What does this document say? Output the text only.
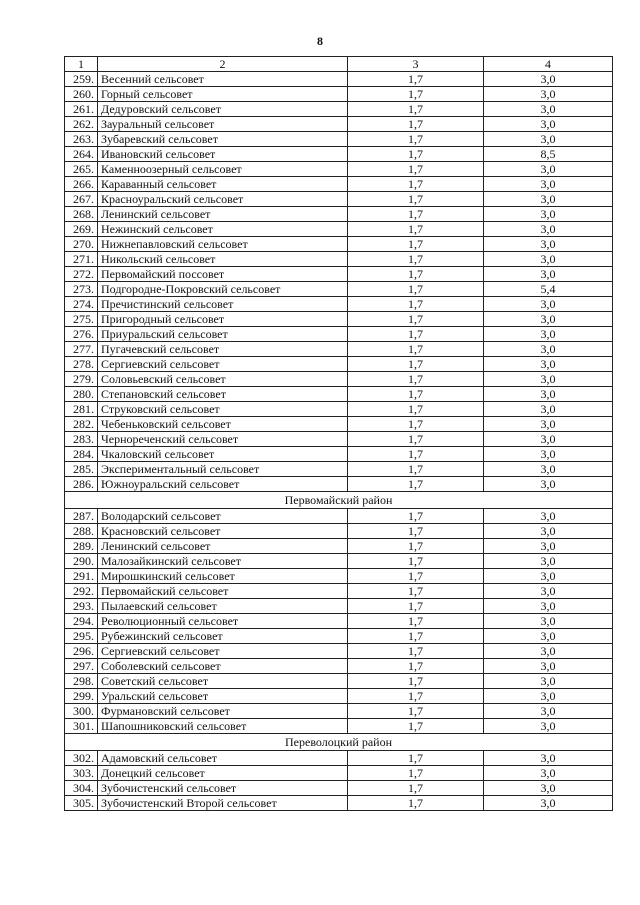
8
1	2	3	4
259.	Весенний сельсовет	1,7	3,0
260.	Горный сельсовет	1,7	3,0
261.	Дедуровский сельсовет	1,7	3,0
262.	Зауральный сельсовет	1,7	3,0
263.	Зубаревский сельсовет	1,7	3,0
264.	Ивановский сельсовет	1,7	8,5
265.	Каменноозерный сельсовет	1,7	3,0
266.	Караванный сельсовет	1,7	3,0
267.	Красноуральский сельсовет	1,7	3,0
268.	Ленинский сельсовет	1,7	3,0
269.	Нежинский сельсовет	1,7	3,0
270.	Нижнепавловский сельсовет	1,7	3,0
271.	Никольский сельсовет	1,7	3,0
272.	Первомайский поссовет	1,7	3,0
273.	Подгородне-Покровский сельсовет	1,7	5,4
274.	Пречистинский сельсовет	1,7	3,0
275.	Пригородный сельсовет	1,7	3,0
276.	Приуральский сельсовет	1,7	3,0
277.	Пугачевский сельсовет	1,7	3,0
278.	Сергиевский сельсовет	1,7	3,0
279.	Соловьевский сельсовет	1,7	3,0
280.	Степановский сельсовет	1,7	3,0
281.	Струковский сельсовет	1,7	3,0
282.	Чебеньковский сельсовет	1,7	3,0
283.	Чернореченский сельсовет	1,7	3,0
284.	Чкаловский сельсовет	1,7	3,0
285.	Экспериментальный сельсовет	1,7	3,0
286.	Южноуральский сельсовет	1,7	3,0
Первомайский район			
287.	Володарский сельсовет	1,7	3,0
288.	Красновский сельсовет	1,7	3,0
289.	Ленинский сельсовет	1,7	3,0
290.	Малозайкинский сельсовет	1,7	3,0
291.	Мирошкинский сельсовет	1,7	3,0
292.	Первомайский сельсовет	1,7	3,0
293.	Пылаевский сельсовет	1,7	3,0
294.	Революционный сельсовет	1,7	3,0
295.	Рубежинский сельсовет	1,7	3,0
296.	Сергиевский сельсовет	1,7	3,0
297.	Соболевский сельсовет	1,7	3,0
298.	Советский сельсовет	1,7	3,0
299.	Уральский сельсовет	1,7	3,0
300.	Фурмановский сельсовет	1,7	3,0
301.	Шапошниковский сельсовет	1,7	3,0
Переволоцкий район			
302.	Адамовский сельсовет	1,7	3,0
303.	Донецкий сельсовет	1,7	3,0
304.	Зубочистенский сельсовет	1,7	3,0
305.	Зубочистенский Второй сельсовет	1,7	3,0
